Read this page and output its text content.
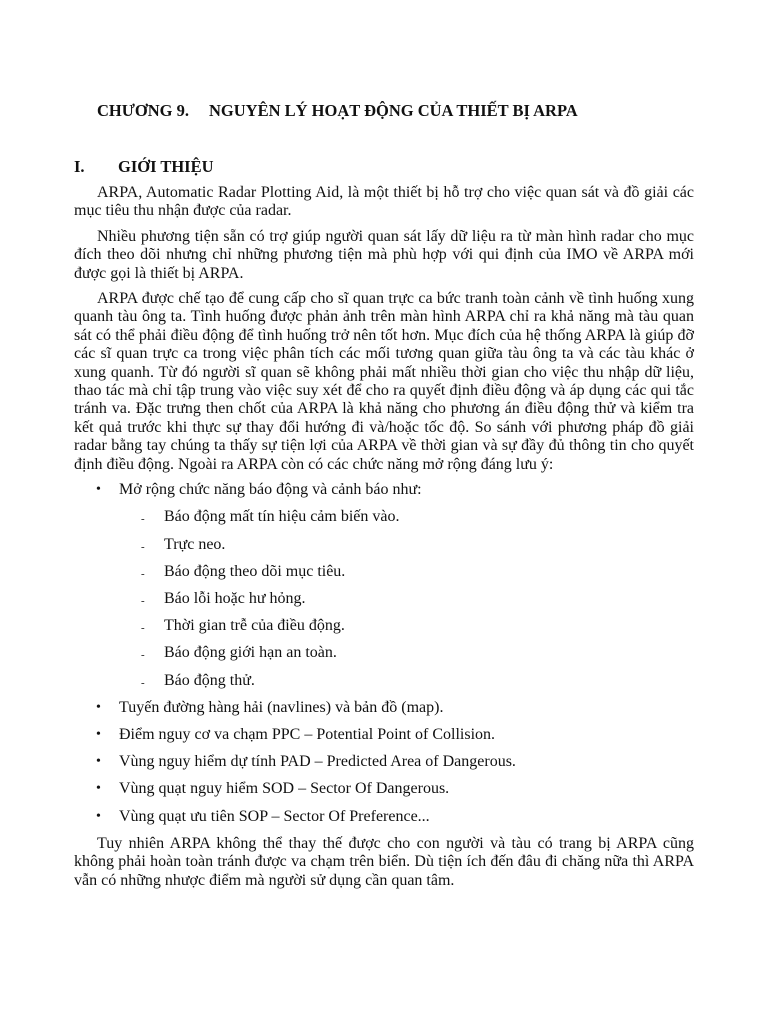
CHƯƠNG 9. NGUYÊN LÝ HOẠT ĐỘNG CỦA THIẾT BỊ ARPA
I. GIỚI THIỆU

ARPA, Automatic Radar Plotting Aid, là một thiết bị hỗ trợ cho việc quan sát và đồ giải các mục tiêu thu nhận được của radar.

Nhiều phương tiện sẵn có trợ giúp người quan sát lấy dữ liệu ra từ màn hình radar cho mục đích theo dõi nhưng chỉ những phương tiện mà phù hợp với qui định của IMO về ARPA mới được gọi là thiết bị ARPA.

ARPA được chế tạo để cung cấp cho sĩ quan trực ca bức tranh toàn cảnh về tình huống xung quanh tàu ông ta. Tình huống được phản ảnh trên màn hình ARPA chỉ ra khả năng mà tàu quan sát có thể phải điều động để tình huống trở nên tốt hơn. Mục đích của hệ thống ARPA là giúp đỡ các sĩ quan trực ca trong việc phân tích các mối tương quan giữa tàu ông ta và các tàu khác ở xung quanh. Từ đó người sĩ quan sẽ không phải mất nhiều thời gian cho việc thu nhập dữ liệu, thao tác mà chỉ tập trung vào việc suy xét để cho ra quyết định điều động và áp dụng các qui tắc tránh va. Đặc trưng then chốt của ARPA là khả năng cho phương án điều động thử và kiểm tra kết quả trước khi thực sự thay đổi hướng đi và/hoặc tốc độ. So sánh với phương pháp đồ giải radar bằng tay chúng ta thấy sự tiện lợi của ARPA về thời gian và sự đầy đủ thông tin cho quyết định điều động. Ngoài ra ARPA còn có các chức năng mở rộng đáng lưu ý:

• Mở rộng chức năng báo động và cảnh báo như:
- Báo động mất tín hiệu cảm biến vào.
- Trực neo.
- Báo động theo dõi mục tiêu.
- Báo lỗi hoặc hư hỏng.
- Thời gian trễ của điều động.
- Báo động giới hạn an toàn.
- Báo động thử.
• Tuyến đường hàng hải (navlines) và bản đồ (map).
• Điểm nguy cơ va chạm PPC – Potential Point of Collision.
• Vùng nguy hiểm dự tính PAD – Predicted Area of Dangerous.
• Vùng quạt nguy hiểm SOD – Sector Of Dangerous.
• Vùng quạt ưu tiên SOP – Sector Of Preference...

Tuy nhiên ARPA không thể thay thế được cho con người và tàu có trang bị ARPA cũng không phải hoàn toàn tránh được va chạm trên biển. Dù tiện ích đến đâu đi chăng nữa thì ARPA vẫn có những nhược điểm mà người sử dụng cần quan tâm.
